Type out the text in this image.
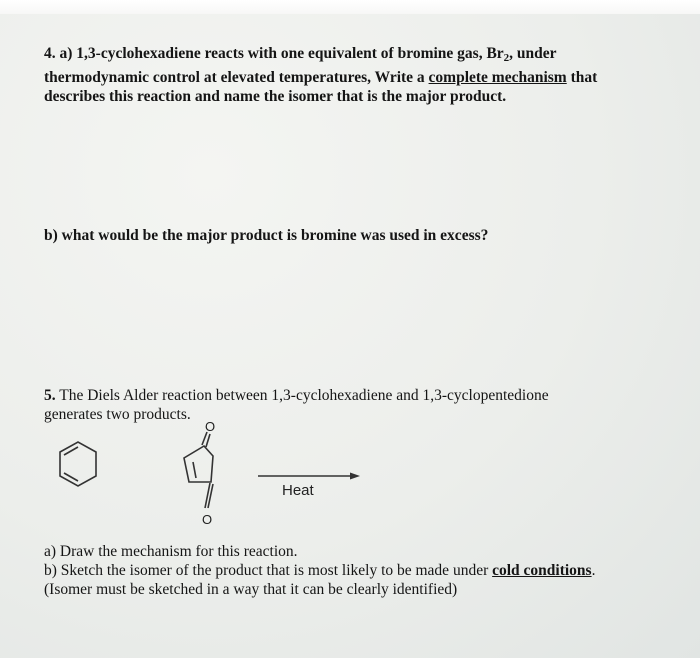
4. a) 1,3-cyclohexadiene reacts with one equivalent of bromine gas, $Br_2$, under
thermodynamic control at elevated temperatures, Write a complete mechanism that
describes this reaction and name the isomer that is the major product.
b) what would be the major product is bromine was used in excess?
5. The Diels Alder reaction between 1,3-cyclohexadiene and 1,3-cyclopentedione
generates two products.
O
O
Heat
a) Draw the mechanism for this reaction.
b) Sketch the isomer of the product that is most likely to be made under cold conditions.
(Isomer must be sketched in a way that it can be clearly identified)
